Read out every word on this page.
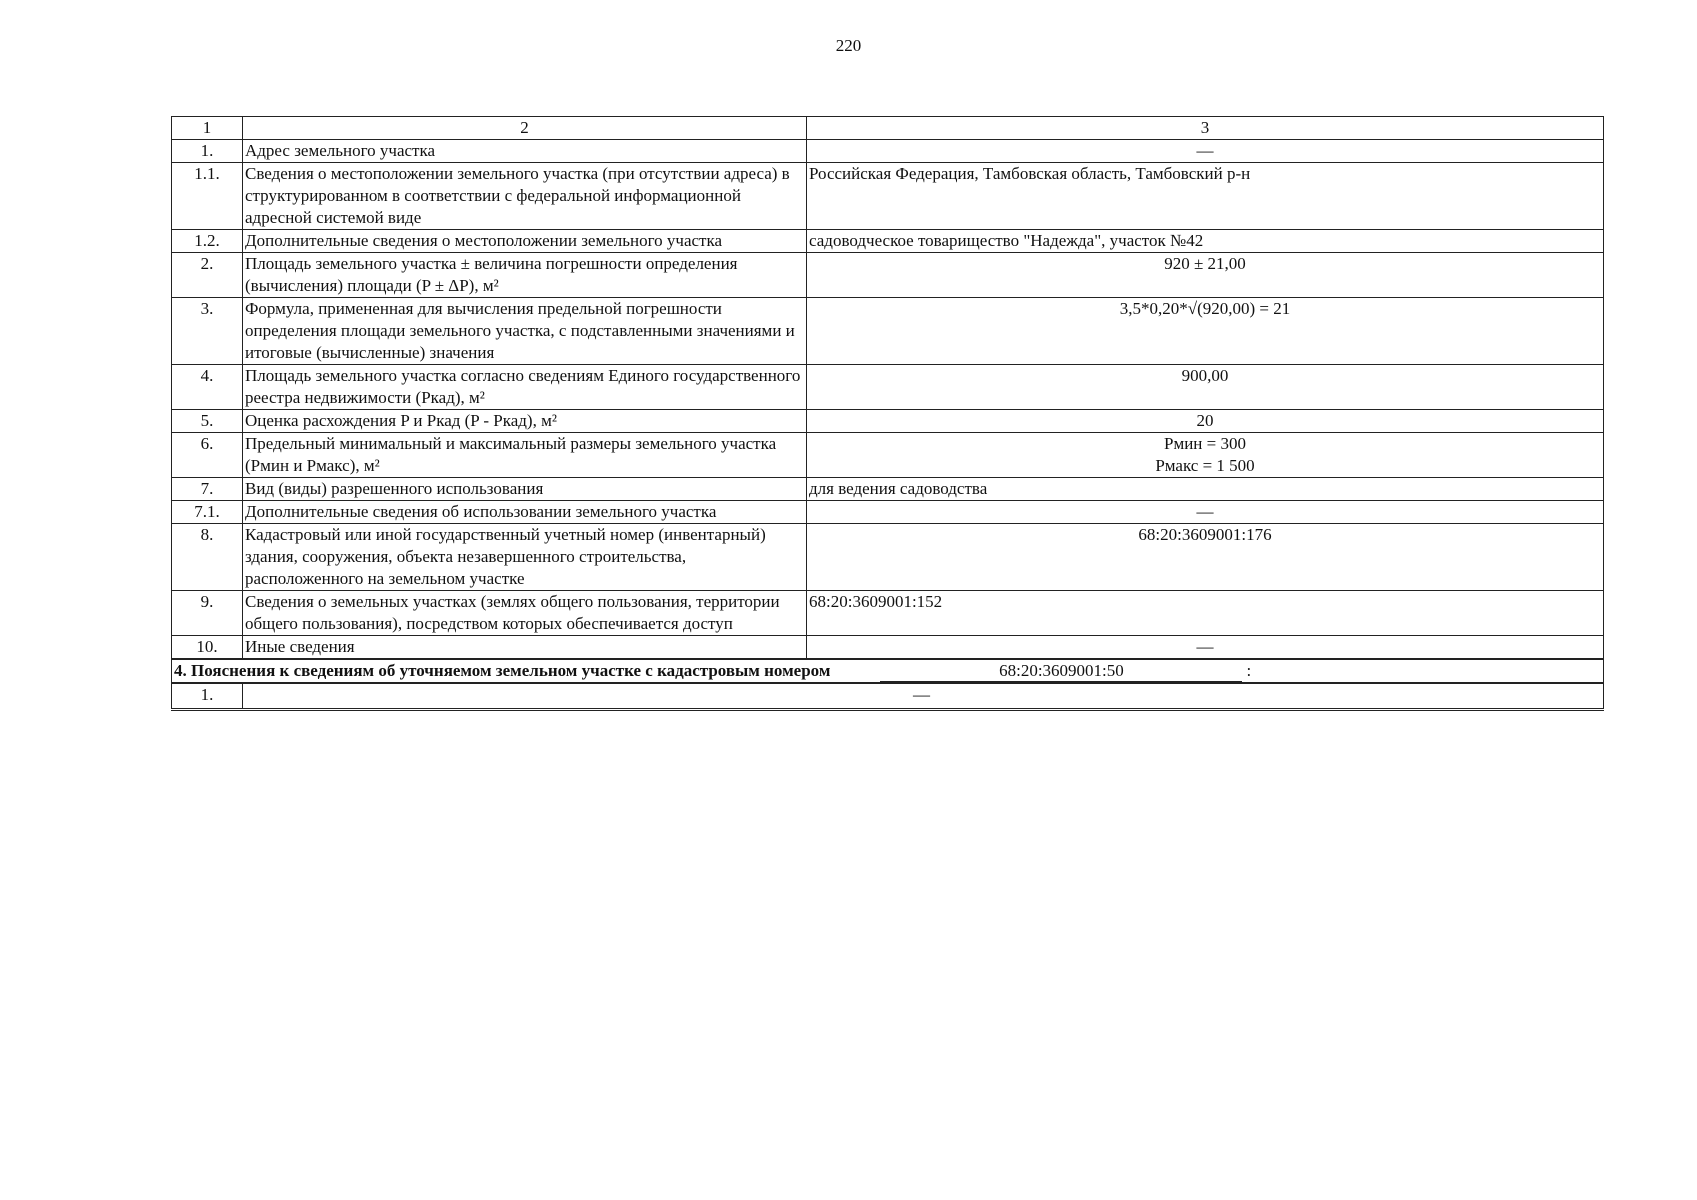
220
1	2	3
1.	Адрес земельного участка	—
1.1.	Сведения о местоположении земельного участка (при отсутствии адреса) в структурированном в соответствии с федеральной информационной адресной системой виде	Российская Федерация, Тамбовская область, Тамбовский р-н
1.2.	Дополнительные сведения о местоположении земельного участка	садоводческое товарищество "Надежда", участок №42
2.	Площадь земельного участка ± величина погрешности определения (вычисления) площади (P ± ΔP), м²	920 ± 21,00
3.	Формула, примененная для вычисления предельной погрешности определения площади земельного участка, с подставленными значениями и итоговые (вычисленные) значения	3,5*0,20*√(920,00) = 21
4.	Площадь земельного участка согласно сведениям Единого государственного реестра недвижимости (Pкад), м²	900,00
5.	Оценка расхождения P и Pкад (P - Pкад), м²	20
6.	Предельный минимальный и максимальный размеры земельного участка (Pмин и Pмакс), м²	Pмин = 300
Pмакс = 1 500

7.	Вид (виды) разрешенного использования	для ведения садоводства
7.1.	Дополнительные сведения об использовании земельного участка	—
8.	Кадастровый или иной государственный учетный номер (инвентарный) здания, сооружения, объекта незавершенного строительства, расположенного на земельном участке	68:20:3609001:176
9.	Сведения о земельных участках (землях общего пользования, территории общего пользования), посредством которых обеспечивается доступ	68:20:3609001:152
10.	Иные сведения	—

4. Пояснения к сведениям об уточняемом земельном участке с кадастровым номером 68:20:3609001:50 :		

1.	—	
